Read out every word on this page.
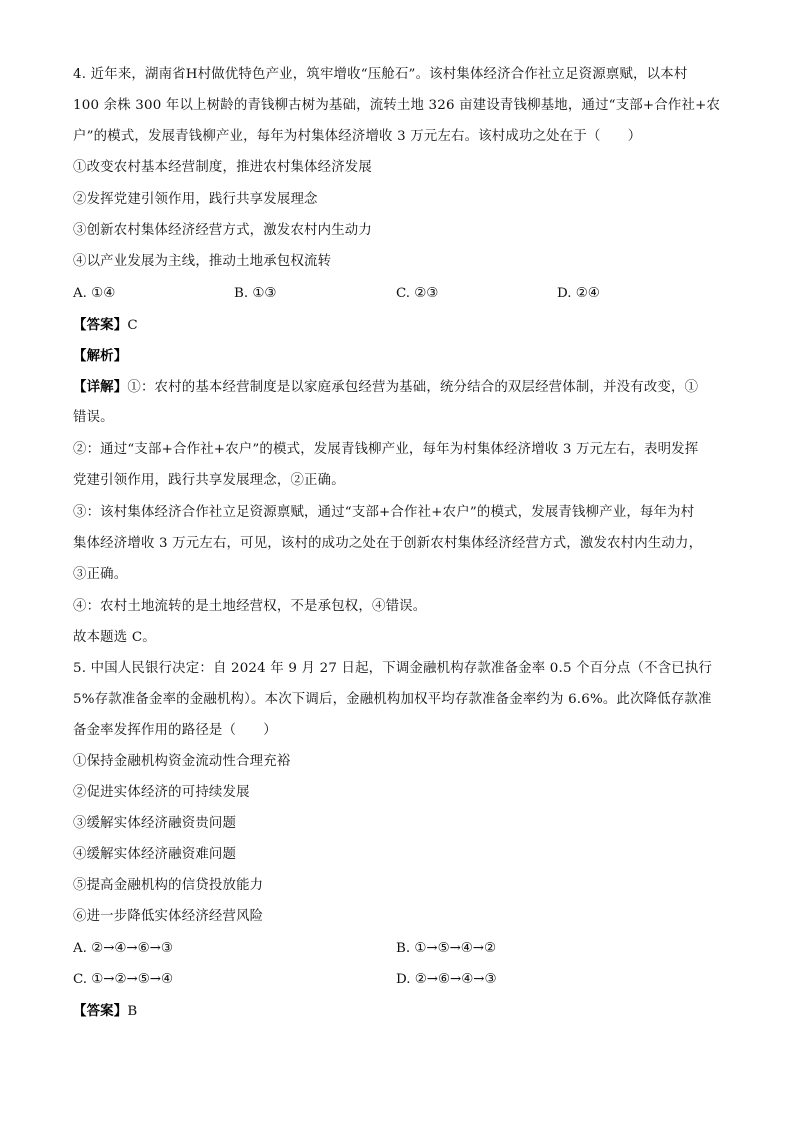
4. 近年来，湖南省H村做优特色产业，筑牢增收“压舱石”。该村集体经济合作社立足资源禀赋，以本村
100 余株 300 年以上树龄的青钱柳古树为基础，流转土地 326 亩建设青钱柳基地，通过“支部+合作社+农
户”的模式，发展青钱柳产业，每年为村集体经济增收 3 万元左右。该村成功之处在于（　　）
①改变农村基本经营制度，推进农村集体经济发展
②发挥党建引领作用，践行共享发展理念
③创新农村集体经济经营方式，激发农村内生动力
④以产业发展为主线，推动土地承包权流转
A. ①④	B. ①③	C. ②③	D. ②④
【答案】C
【解析】
【详解】①：农村的基本经营制度是以家庭承包经营为基础，统分结合的双层经营体制，并没有改变，①
错误。
②：通过“支部+合作社+农户”的模式，发展青钱柳产业，每年为村集体经济增收 3 万元左右，表明发挥
党建引领作用，践行共享发展理念，②正确。
③：该村集体经济合作社立足资源禀赋，通过“支部+合作社+农户”的模式，发展青钱柳产业，每年为村
集体经济增收 3 万元左右，可见，该村的成功之处在于创新农村集体经济经营方式，激发农村内生动力，
③正确。
④：农村土地流转的是土地经营权，不是承包权，④错误。
故本题选 C。
5. 中国人民银行决定：自 2024 年 9 月 27 日起，下调金融机构存款准备金率 0.5 个百分点（不含已执行
5%存款准备金率的金融机构）。本次下调后，金融机构加权平均存款准备金率约为 6.6%。此次降低存款准
备金率发挥作用的路径是（　　）
①保持金融机构资金流动性合理充裕
②促进实体经济的可持续发展
③缓解实体经济融资贵问题
④缓解实体经济融资难问题
⑤提高金融机构的信贷投放能力
⑥进一步降低实体经济经营风险
A. ②→④→⑥→③	B. ①→⑤→④→②
C. ①→②→⑤→④	D. ②→⑥→④→③
【答案】B
